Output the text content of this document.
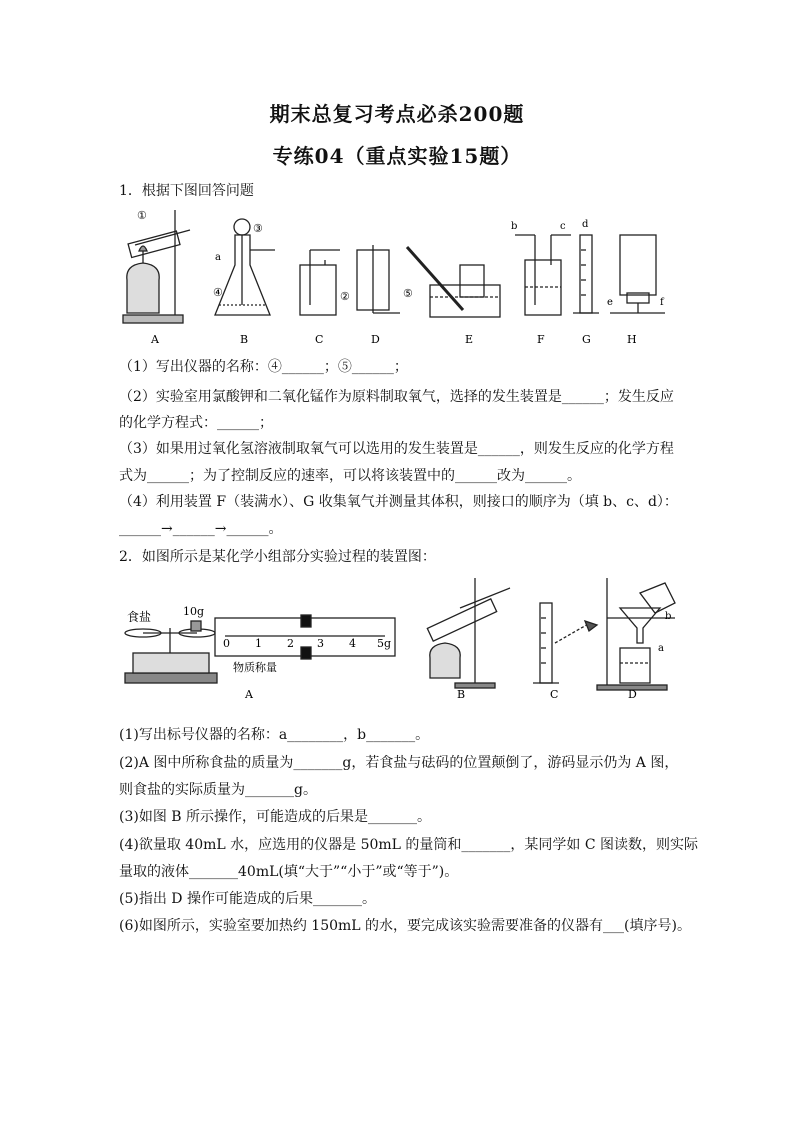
期末总复习考点必杀200题
专练04（重点实验15题）
1．根据下图回答问题
①
③
④	②	⑤
a
b	c d
e	f
A	B	C	D	E	F	G	H
（1）写出仪器的名称：④______；⑤______；
（2）实验室用氯酸钾和二氧化锰作为原料制取氧气，选择的发生装置是______；发生反应
的化学方程式：______；
（3）如果用过氧化氢溶液制取氧气可以选用的发生装置是______，则发生反应的化学方程
式为______；为了控制反应的速率，可以将该装置中的______改为______。
（4）利用装置 F（装满水）、G 收集氧气并测量其体积，则接口的顺序为（填 b、c、d）：
______→______→______。
2．如图所示是某化学小组部分实验过程的装置图：
食盐	10g
0 1 2 3 4 5g
物质称量
A	B	C	D
a
b
(1)写出标号仪器的名称：a________，b_______。
(2)A 图中所称食盐的质量为_______g，若食盐与砝码的位置颠倒了，游码显示仍为 A 图，
则食盐的实际质量为_______g。
(3)如图 B 所示操作，可能造成的后果是_______。
(4)欲量取 40mL 水，应选用的仪器是 50mL 的量筒和_______，某同学如 C 图读数，则实际
量取的液体_______40mL(填“大于”“小于”或“等于”)。
(5)指出 D 操作可能造成的后果_______。
(6)如图所示，实验室要加热约 150mL 的水，要完成该实验需要准备的仪器有___(填序号)。
